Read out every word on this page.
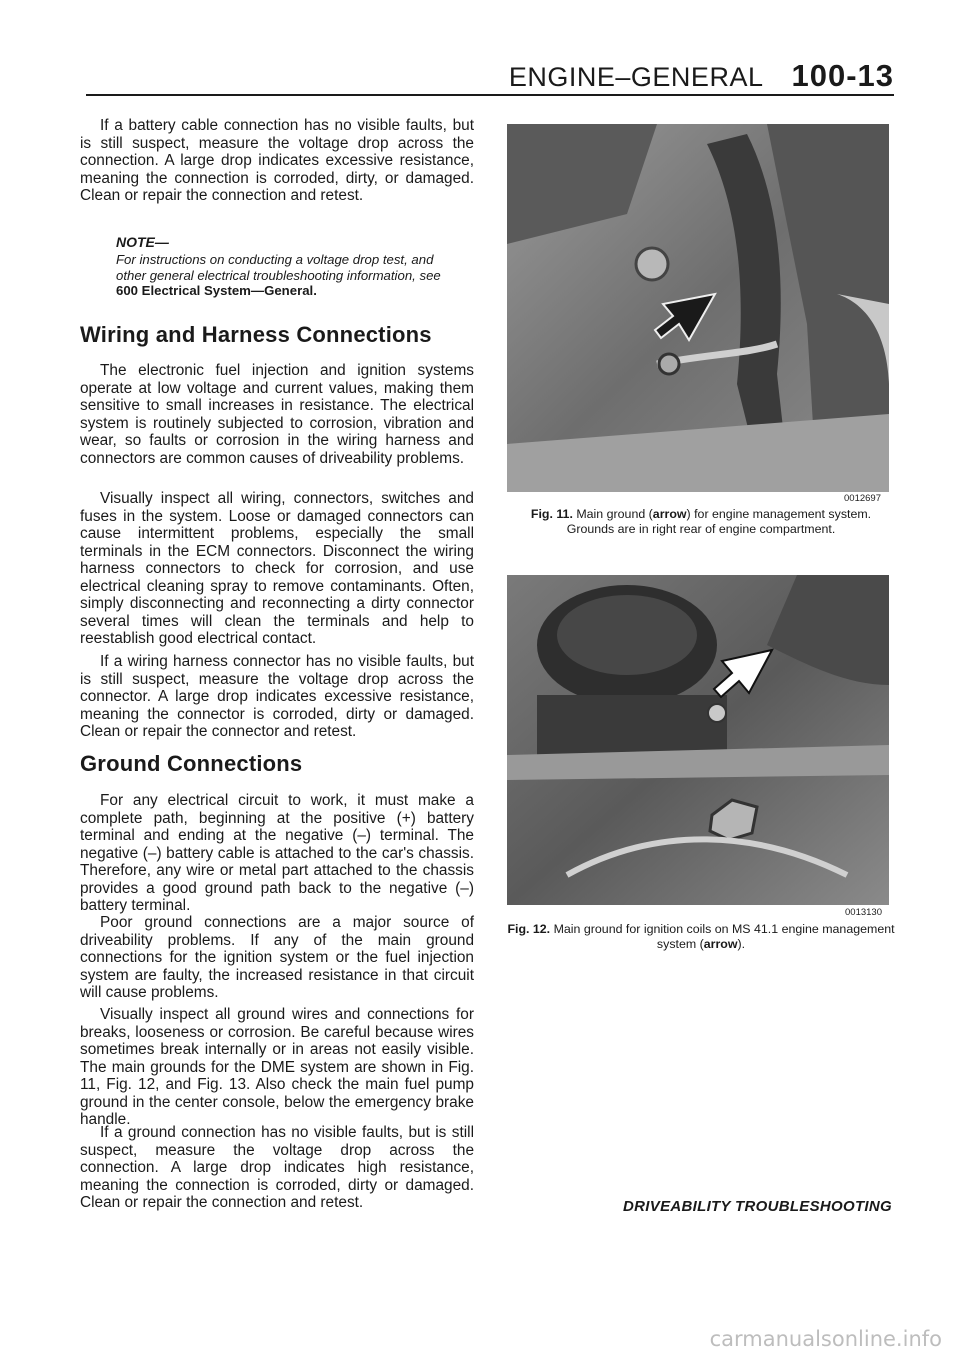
ENGINE–GENERAL 100-13

If a battery cable connection has no visible faults, but is still suspect, measure the voltage drop across the connection. A large drop indicates excessive resistance, meaning the connection is corroded, dirty, or damaged. Clean or repair the connection and retest.

NOTE—

For instructions on conducting a voltage drop test, and other general electrical troubleshooting information, see 600 Electrical System—General.

Wiring and Harness Connections

The electronic fuel injection and ignition systems operate at low voltage and current values, making them sensitive to small increases in resistance. The electrical system is routinely subjected to corrosion, vibration and wear, so faults or corrosion in the wiring harness and connectors are common causes of driveability problems.

Visually inspect all wiring, connectors, switches and fuses in the system. Loose or damaged connectors can cause intermittent problems, especially the small terminals in the ECM connectors. Disconnect the wiring harness connectors to check for corrosion, and use electrical cleaning spray to remove contaminants. Often, simply disconnecting and reconnecting a dirty connector several times will clean the terminals and help to reestablish good electrical contact.

If a wiring harness connector has no visible faults, but is still suspect, measure the voltage drop across the connector. A large drop indicates excessive resistance, meaning the connector is corroded, dirty or damaged. Clean or repair the connector and retest.

Ground Connections

For any electrical circuit to work, it must make a complete path, beginning at the positive (+) battery terminal and ending at the negative (–) terminal. The negative (–) battery cable is attached to the car's chassis. Therefore, any wire or metal part attached to the chassis provides a good ground path back to the negative (–) battery terminal.

Poor ground connections are a major source of driveability problems. If any of the main ground connections for the ignition system or the fuel injection system are faulty, the increased resistance in that circuit will cause problems.

Visually inspect all ground wires and connections for breaks, looseness or corrosion. Be careful because wires sometimes break internally or in areas not easily visible. The main grounds for the DME system are shown in Fig. 11, Fig. 12, and Fig. 13. Also check the main fuel pump ground in the center console, below the emergency brake handle.

If a ground connection has no visible faults, but is still suspect, measure the voltage drop across the connection. A large drop indicates high resistance, meaning the connection is corroded, dirty or damaged. Clean or repair the connection and retest.

0012697

Fig. 11. Main ground (arrow) for engine management system. Grounds are in right rear of engine compartment.

0013130

Fig. 12. Main ground for ignition coils on MS 41.1 engine management system (arrow).

DRIVEABILITY TROUBLESHOOTING
carmanualsonline.info
